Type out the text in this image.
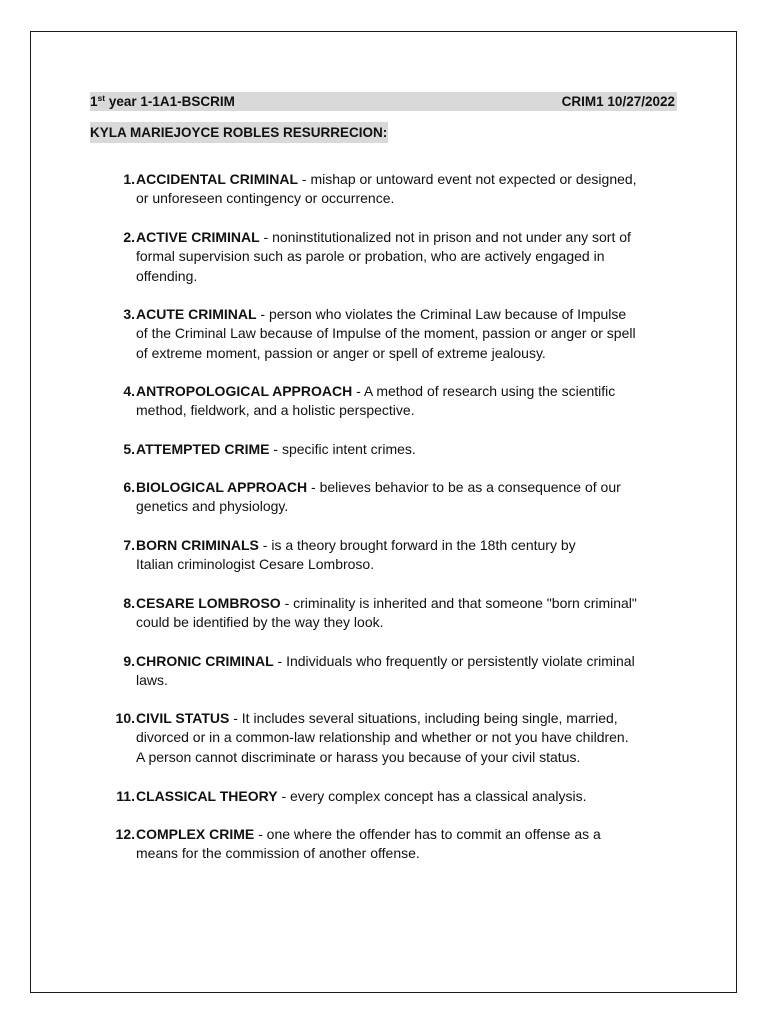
1st year 1-1A1-BSCRIM	CRIM1 10/27/2022
KYLA MARIEJOYCE ROBLES RESURRECION:
1. ACCIDENTAL CRIMINAL - mishap or untoward event not expected or designed,
or unforeseen contingency or occurrence.
2. ACTIVE CRIMINAL - noninstitutionalized not in prison and not under any sort of
formal supervision such as parole or probation, who are actively engaged in
offending.
3. ACUTE CRIMINAL - person who violates the Criminal Law because of Impulse
of the Criminal Law because of Impulse of the moment, passion or anger or spell
of extreme moment, passion or anger or spell of extreme jealousy.
4. ANTROPOLOGICAL APPROACH - A method of research using the scientific
method, fieldwork, and a holistic perspective.
5. ATTEMPTED CRIME - specific intent crimes.
6. BIOLOGICAL APPROACH - believes behavior to be as a consequence of our
genetics and physiology.
7. BORN CRIMINALS - is a theory brought forward in the 18th century by
Italian criminologist Cesare Lombroso.
8. CESARE LOMBROSO - criminality is inherited and that someone "born criminal"
could be identified by the way they look.
9. CHRONIC CRIMINAL - Individuals who frequently or persistently violate criminal
laws.
10. CIVIL STATUS - It includes several situations, including being single, married,
divorced or in a common-law relationship and whether or not you have children.
A person cannot discriminate or harass you because of your civil status.
11. CLASSICAL THEORY - every complex concept has a classical analysis.
12. COMPLEX CRIME - one where the offender has to commit an offense as a
means for the commission of another offense.
